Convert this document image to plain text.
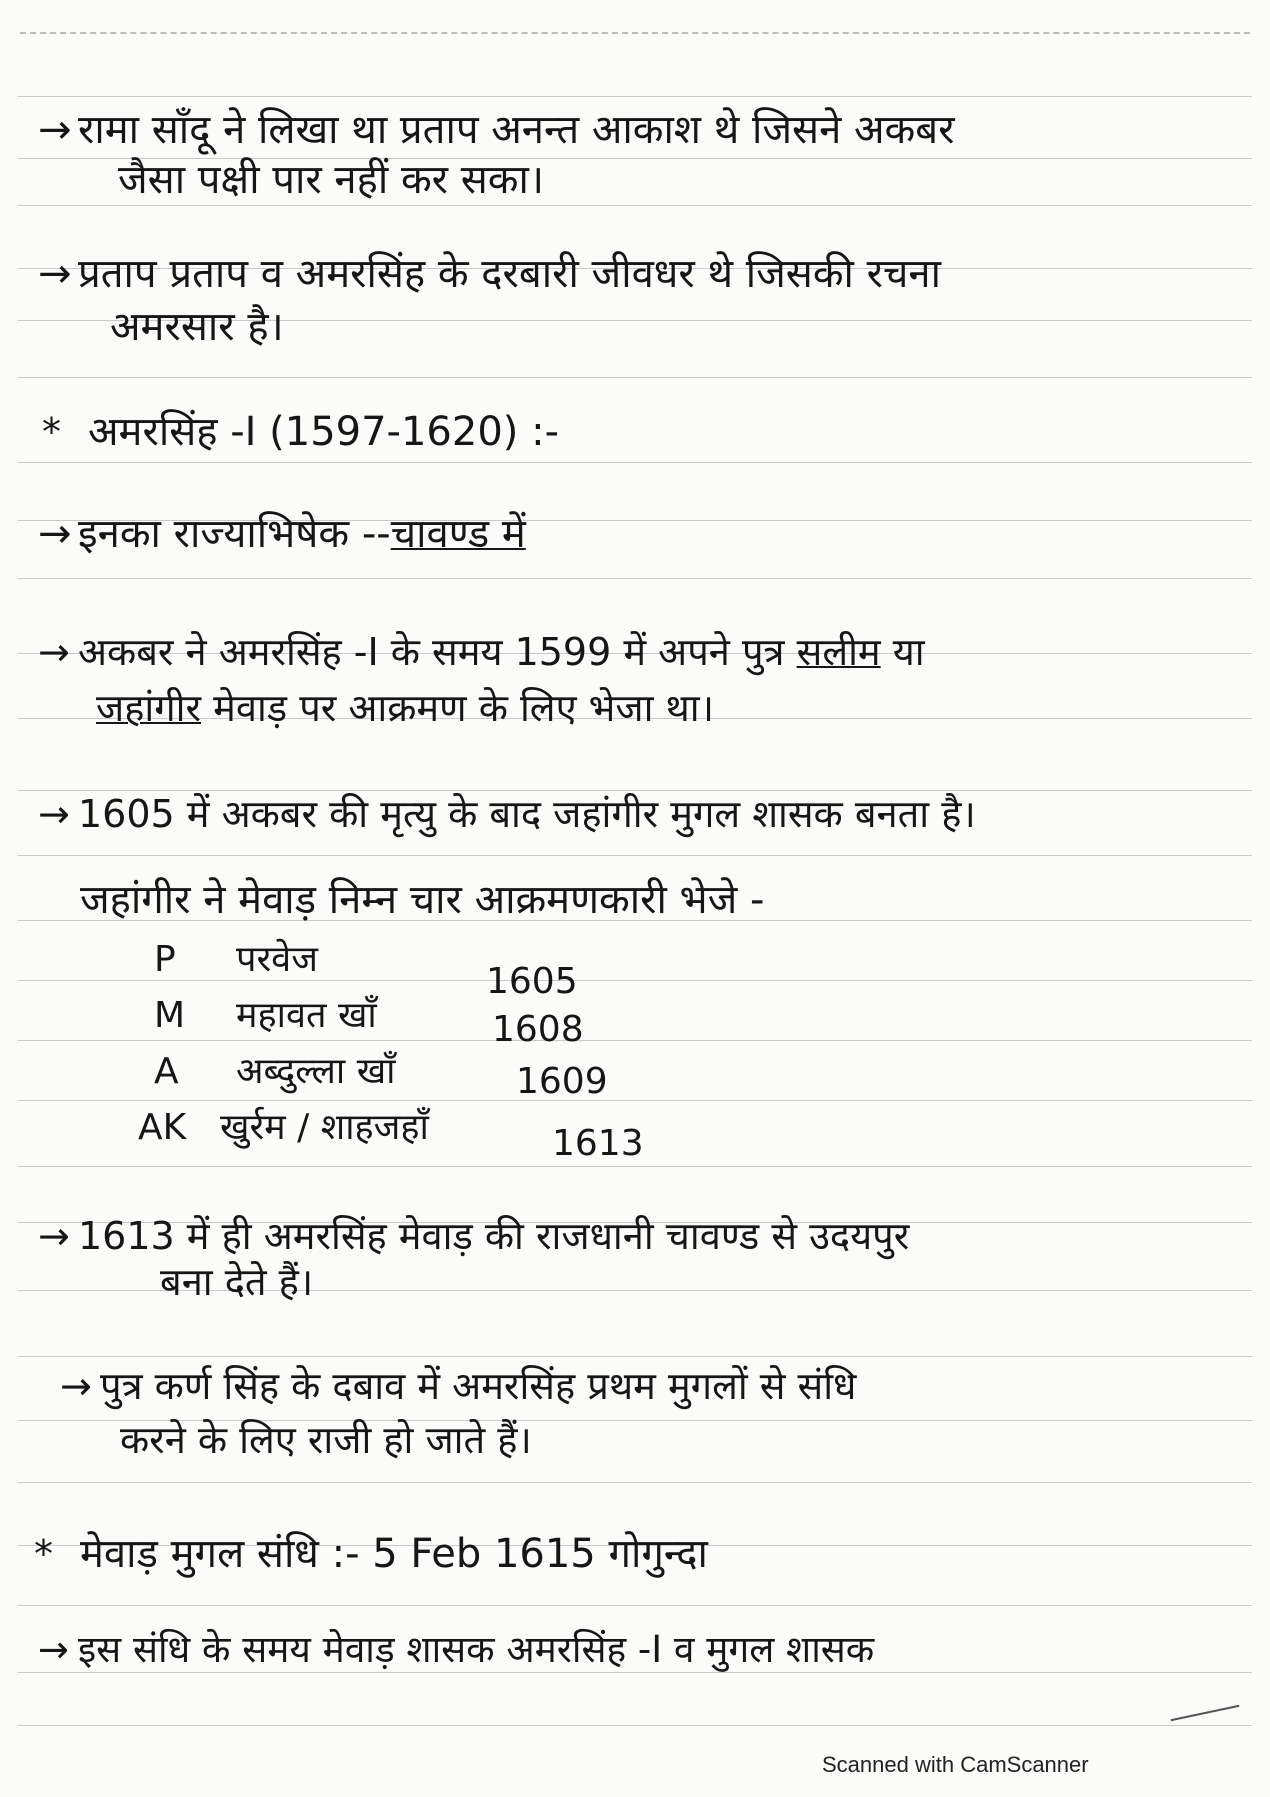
→ रामा साँदू ने लिखा था प्रताप अनन्त आकाश थे जिसने अकबर
जैसा पक्षी पार नहीं कर सका।
→ प्रताप प्रताप व अमरसिंह के दरबारी जीवधर थे जिसकी रचना
अमरसार है।
* अमरसिंह -I (1597-1620) :-
→ इनका राज्याभिषेक --चावण्ड में
→ अकबर ने अमरसिंह -I के समय 1599 में अपने पुत्र सलीम या
जहांगीर मेवाड़ पर आक्रमण के लिए भेजा था।
→ 1605 में अकबर की मृत्यु के बाद जहांगीर मुगल शासक बनता है।
जहांगीर ने मेवाड़ निम्न चार आक्रमणकारी भेजे -
P परवेज
M महावत खाँ
A अब्दुल्ला खाँ
AK खुर्रम / शाहजहाँ
1605
1608
1609
1613
→ 1613 में ही अमरसिंह मेवाड़ की राजधानी चावण्ड से उदयपुर
बना देते हैं।
→ पुत्र कर्ण सिंह के दबाव में अमरसिंह प्रथम मुगलों से संधि
करने के लिए राजी हो जाते हैं।
* मेवाड़ मुगल संधि :- 5 Feb 1615 गोगुन्दा
→ इस संधि के समय मेवाड़ शासक अमरसिंह -I व मुगल शासक
Scanned with CamScanner
